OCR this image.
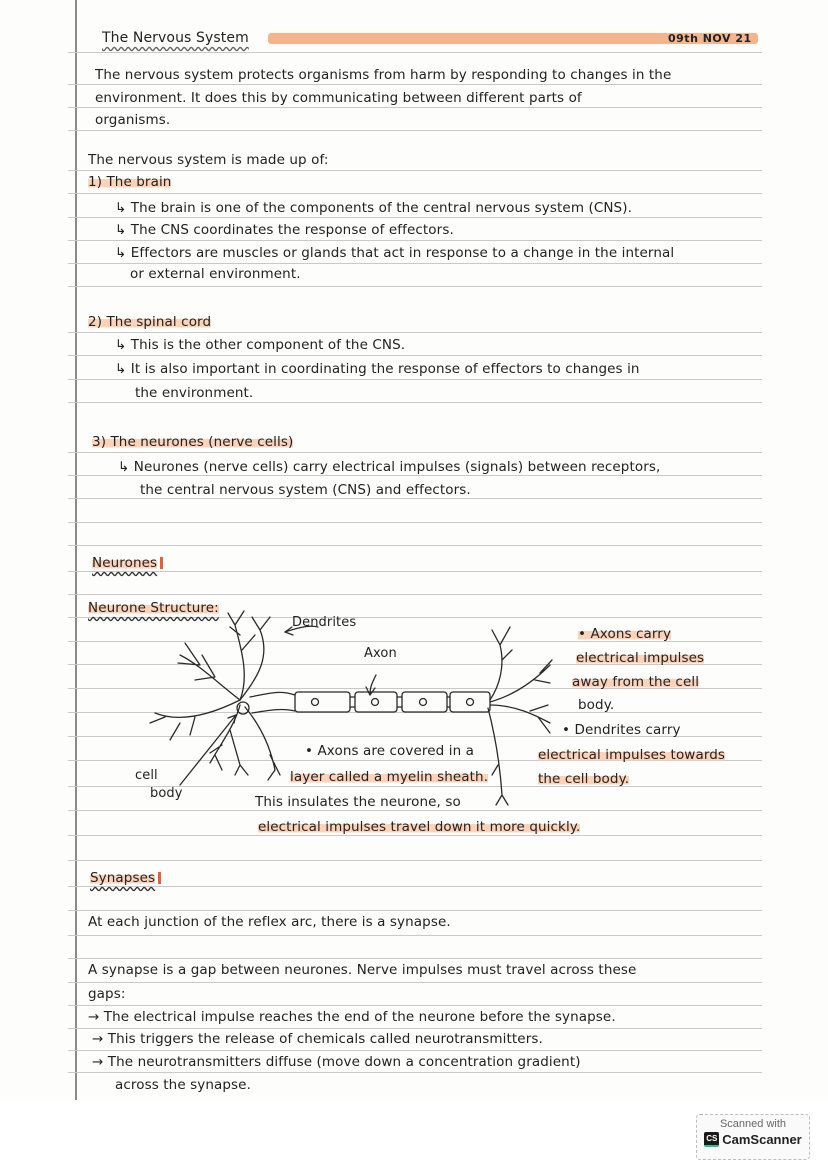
The Nervous System	09th NOV 21
The nervous system protects organisms from harm by responding to changes in the
environment. It does this by communicating between different parts of
organisms.
The nervous system is made up of:
1) The brain
↳ The brain is one of the components of the central nervous system (CNS).
↳ The CNS coordinates the response of effectors.
↳ Effectors are muscles or glands that act in response to a change in the internal
or external environment.
2) The spinal cord
↳ This is the other component of the CNS.
↳ It is also important in coordinating the response of effectors to changes in
the environment.
3) The neurones (nerve cells)
↳ Neurones (nerve cells) carry electrical impulses (signals) between receptors,
the central nervous system (CNS) and effectors.
Neurones
Neurone Structure:
Dendrites
Axon
cell
body
• Axons are covered in a
layer called a myelin sheath.
This insulates the neurone, so
electrical impulses travel down it more quickly.
• Axons carry
electrical impulses
away from the cell
body.
• Dendrites carry
electrical impulses towards
the cell body.
Synapses
At each junction of the reflex arc, there is a synapse.
A synapse is a gap between neurones. Nerve impulses must travel across these
gaps:
→ The electrical impulse reaches the end of the neurone before the synapse.
→ This triggers the release of chemicals called neurotransmitters.
→ The neurotransmitters diffuse (move down a concentration gradient)
across the synapse.
Scanned with
CS CamScanner
